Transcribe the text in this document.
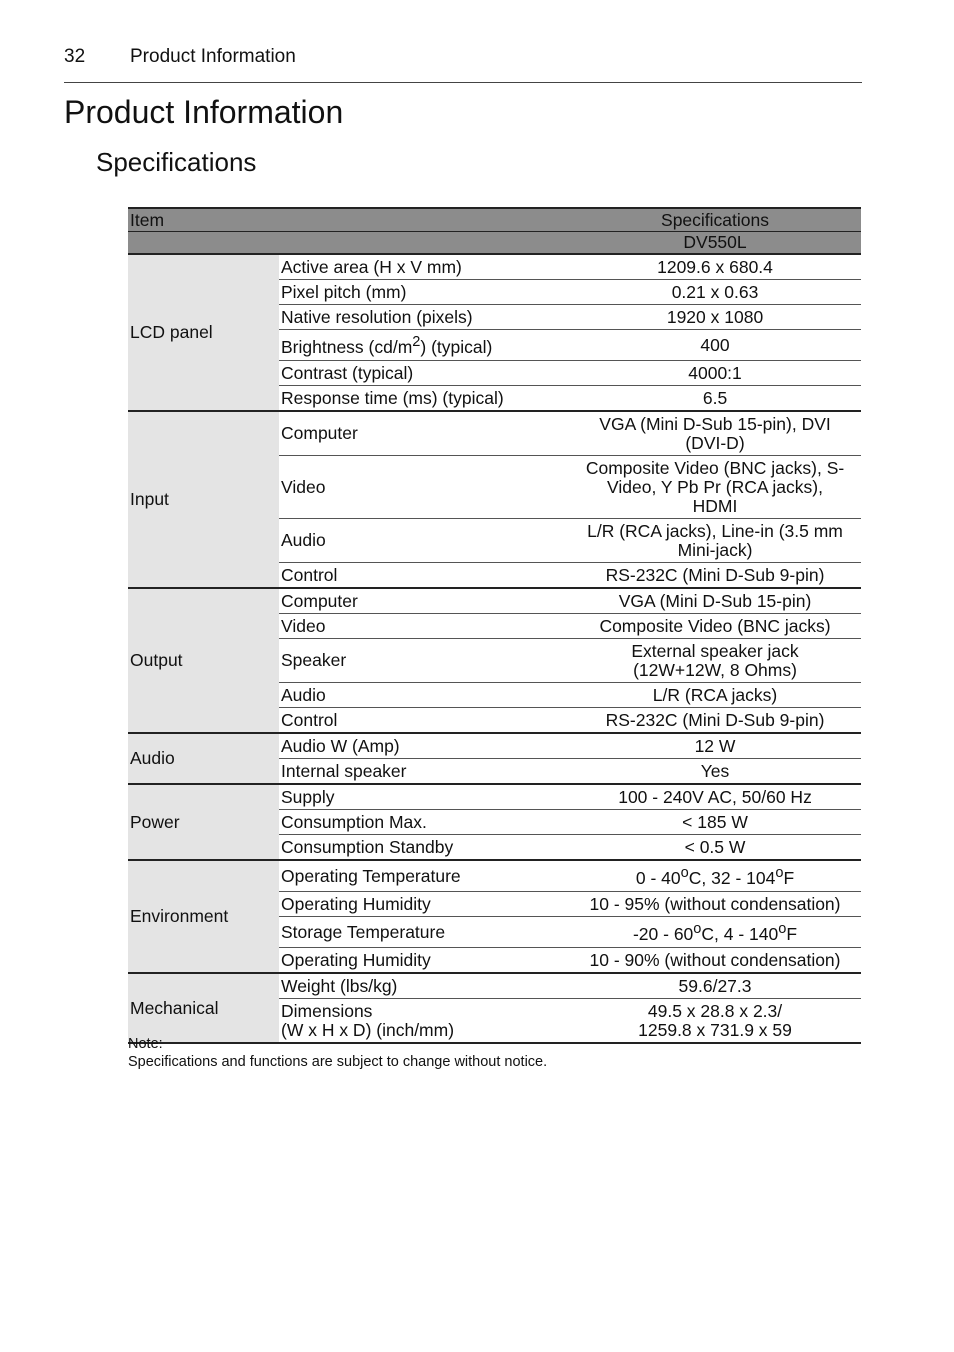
32 Product Information
Product Information
Specifications
Item		Specifications
		DV550L
LCD panel	Active area (H x V mm)	1209.6 x 680.4

	Pixel pitch (mm)	0.21 x 0.63

	Native resolution (pixels)	1920 x 1080

	Brightness $(cd/m^2)$ (typical)	400

	Contrast (typical)	4000:1

	Response time (ms) (typical)	6.5

Input	Computer	VGA (Mini D-Sub 15-pin), DVI
(DVI-D)

	Video	Composite Video (BNC jacks), S-
Video, Y Pb Pr (RCA jacks),
HDMI

	Audio	L/R (RCA jacks), Line-in (3.5 mm
Mini-jack)

	Control	RS-232C (Mini D-Sub 9-pin)

Output	Computer	VGA (Mini D-Sub 15-pin)

	Video	Composite Video (BNC jacks)

	Speaker	External speaker jack
(12W+12W, 8 Ohms)

	Audio	L/R (RCA jacks)

	Control	RS-232C (Mini D-Sub 9-pin)

Audio	Audio W (Amp)	12 W

	Internal speaker	Yes

Power	Supply	100 - 240V AC, 50/60 Hz

	Consumption Max.	< 185 W

	Consumption Standby	< 0.5 W

Environment	Operating Temperature	0 - 40$^o$C, 32 - 104$^o$F
	Operating Humidity	10 - 95% (without condensation)

	Storage Temperature	-20 - 60$^o$C, 4 - 140$^o$F
	Operating Humidity	10 - 90% (without condensation)

Mechanical	Weight (lbs/kg)	59.6/27.3

	Dimensions
(W x H x D) (inch/mm)	49.5 x 28.8 x 2.3/
1259.8 x 731.9 x 59
Note:
Specifications and functions are subject to change without notice.
